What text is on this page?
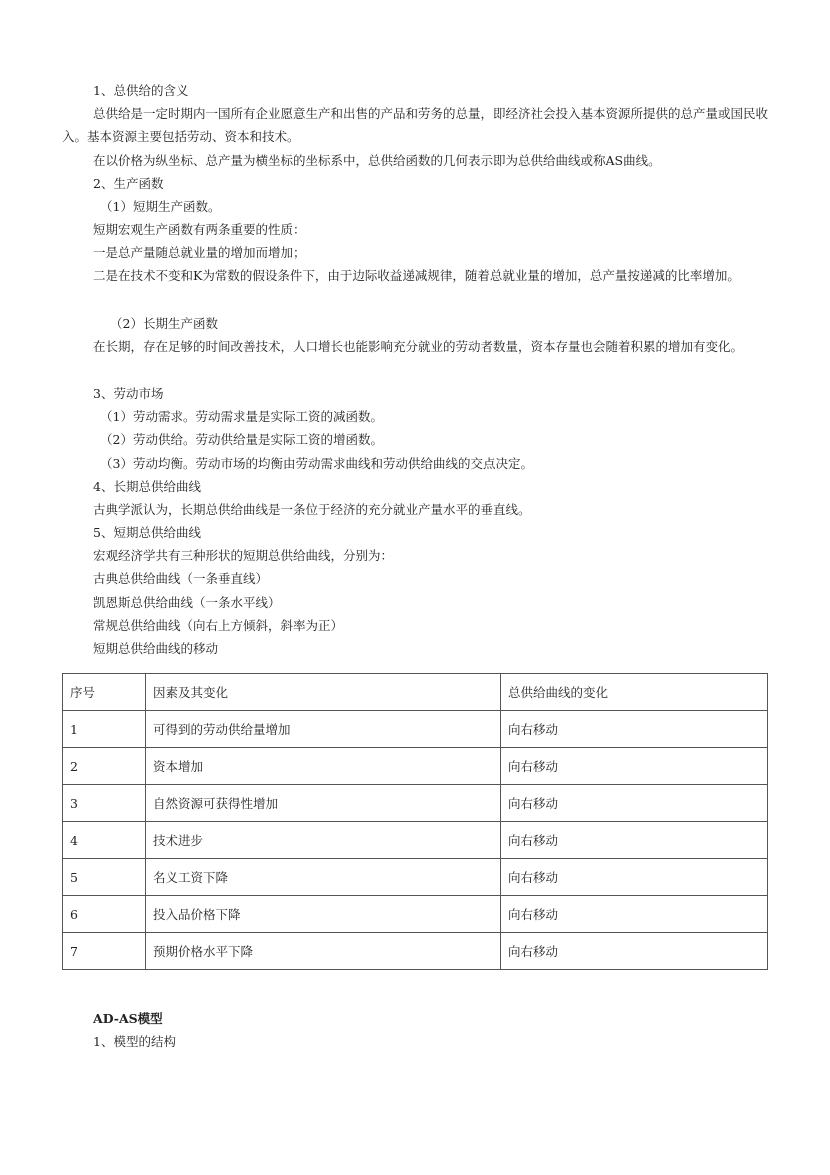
1、总供给的含义
总供给是一定时期内一国所有企业愿意生产和出售的产品和劳务的总量，即经济社会投入基本资源所提供的总产量或国民收入。基本资源主要包括劳动、资本和技术。
在以价格为纵坐标、总产量为横坐标的坐标系中，总供给函数的几何表示即为总供给曲线或称AS曲线。
2、生产函数
（1）短期生产函数。
短期宏观生产函数有两条重要的性质：
一是总产量随总就业量的增加而增加；
二是在技术不变和K为常数的假设条件下，由于边际收益递减规律，随着总就业量的增加，总产量按递减的比率增加。
（2）长期生产函数
在长期，存在足够的时间改善技术，人口增长也能影响充分就业的劳动者数量，资本存量也会随着积累的增加有变化。
3、劳动市场
（1）劳动需求。劳动需求量是实际工资的减函数。
（2）劳动供给。劳动供给量是实际工资的增函数。
（3）劳动均衡。劳动市场的均衡由劳动需求曲线和劳动供给曲线的交点决定。
4、长期总供给曲线
古典学派认为，长期总供给曲线是一条位于经济的充分就业产量水平的垂直线。
5、短期总供给曲线
宏观经济学共有三种形状的短期总供给曲线，分别为：
古典总供给曲线（一条垂直线）
凯恩斯总供给曲线（一条水平线）
常规总供给曲线（向右上方倾斜，斜率为正）
短期总供给曲线的移动
序号	因素及其变化	总供给曲线的变化
1	可得到的劳动供给量增加	向右移动
2	资本增加	向右移动
3	自然资源可获得性增加	向右移动
4	技术进步	向右移动
5	名义工资下降	向右移动
6	投入品价格下降	向右移动
7	预期价格水平下降	向右移动
AD-AS模型
1、模型的结构
